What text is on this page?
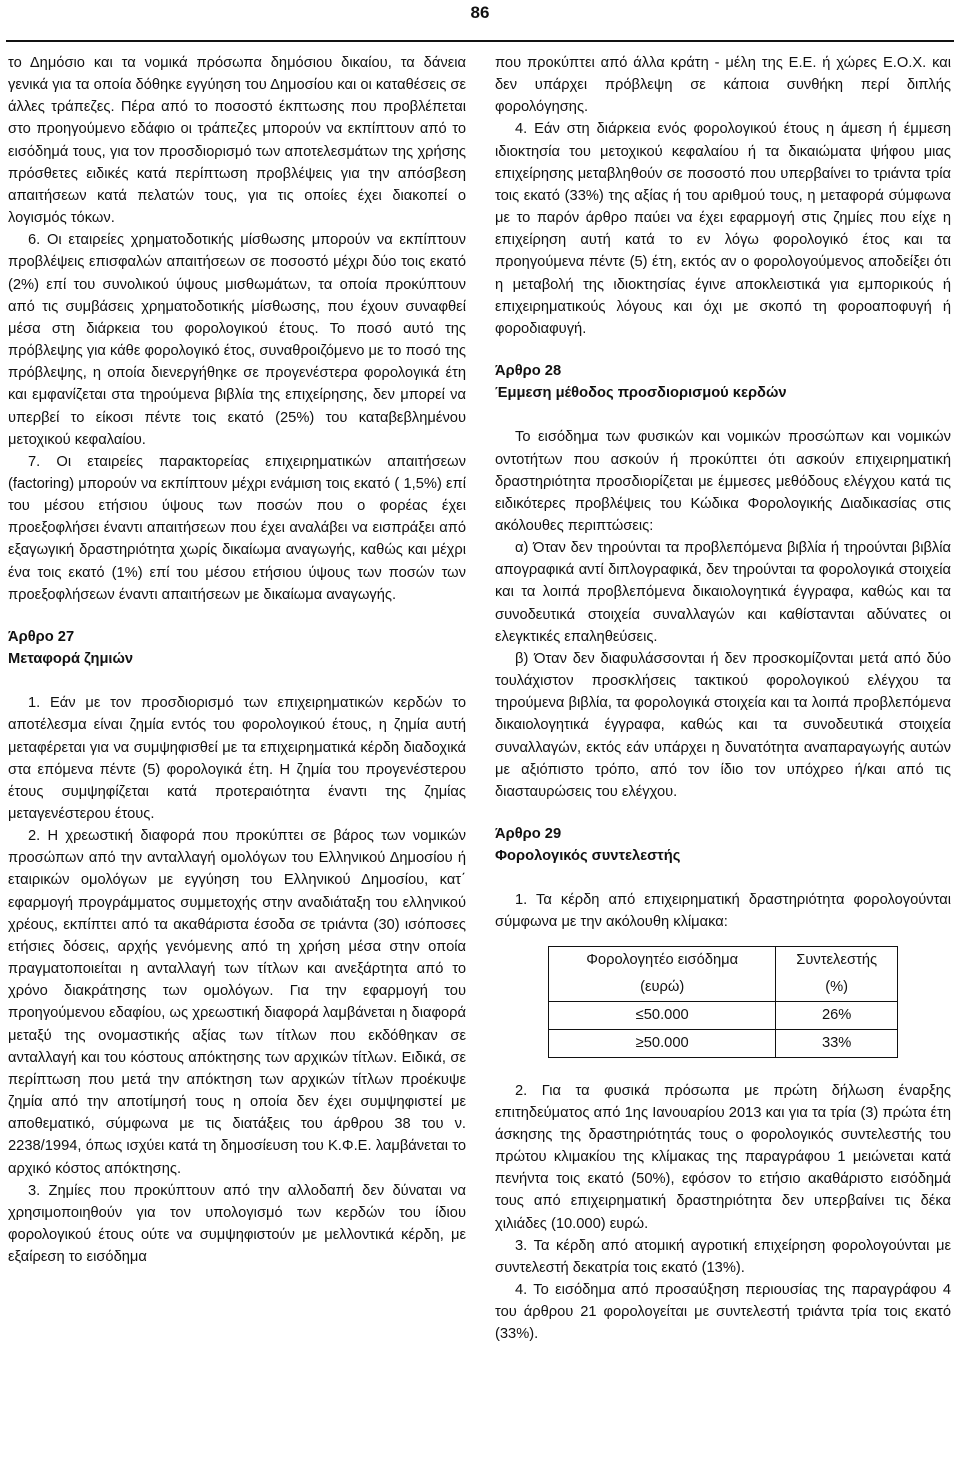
86

το Δημόσιο και τα νομικά πρόσωπα δημόσιου δικαίου, τα δάνεια γενικά για τα οποία δόθηκε εγγύηση του Δημοσίου και οι καταθέσεις σε άλλες τράπεζες. Πέρα από το ποσοστό έκπτωσης που προβλέπεται στο προηγούμενο εδάφιο οι τράπεζες μπορούν να εκπίπτουν από το εισόδημά τους, για τον προσδιορισμό των αποτελεσμάτων της χρήσης πρόσθετες ειδικές κατά περίπτωση προβλέψεις για την απόσβεση απαιτήσεων κατά πελατών τους, για τις οποίες έχει διακοπεί ο λογισμός τόκων.

6. Οι εταιρείες χρηματοδοτικής μίσθωσης μπορούν να εκπίπτουν προβλέψεις επισφαλών απαιτήσεων σε ποσοστό μέχρι δύο τοις εκατό (2%) επί του συνολικού ύψους μισθωμάτων, τα οποία προκύπτουν από τις συμβάσεις χρηματοδοτικής μίσθωσης, που έχουν συναφθεί μέσα στη διάρκεια του φορολογικού έτους. Το ποσό αυτό της πρόβλεψης για κάθε φορολογικό έτος, συναθροιζόμενο με το ποσό της πρόβλεψης, η οποία διενεργήθηκε σε προγενέστερα φορολογικά έτη και εμφανίζεται στα τηρούμενα βιβλία της επιχείρησης, δεν μπορεί να υπερβεί το είκοσι πέντε τοις εκατό (25%) του καταβεβλημένου μετοχικού κεφαλαίου.

7. Οι εταιρείες παρακτορείας επιχειρηματικών απαιτήσεων (factoring) μπορούν να εκπίπτουν μέχρι ενάμιση τοις εκατό ( 1,5%) επί του μέσου ετήσιου ύψους των ποσών που ο φορέας έχει προεξοφλήσει έναντι απαιτήσεων που έχει αναλάβει να εισπράξει από εξαγωγική δραστηριότητα χωρίς δικαίωμα αναγωγής, καθώς και μέχρι ένα τοις εκατό (1%) επί του μέσου ετήσιου ύψους των ποσών των προεξοφλήσεων έναντι απαιτήσεων με δικαίωμα αναγωγής.

Άρθρο 27

Μεταφορά ζημιών

1. Εάν με τον προσδιορισμό των επιχειρηματικών κερδών το αποτέλεσμα είναι ζημία εντός του φορολογικού έτους, η ζημία αυτή μεταφέρεται για να συμψηφισθεί με τα επιχειρηματικά κέρδη διαδοχικά στα επόμενα πέντε (5) φορολογικά έτη. Η ζημία του προγενέστερου έτους συμψηφίζεται κατά προτεραιότητα έναντι της ζημίας μεταγενέστερου έτους.

2. Η χρεωστική διαφορά που προκύπτει σε βάρος των νομικών προσώπων από την ανταλλαγή ομολόγων του Ελληνικού Δημοσίου ή εταιρικών ομολόγων με εγγύηση του Ελληνικού Δημοσίου, κατ΄ εφαρμογή προγράμματος συμμετοχής στην αναδιάταξη του ελληνικού χρέους, εκπίπτει από τα ακαθάριστα έσοδα σε τριάντα (30) ισόποσες ετήσιες δόσεις, αρχής γενόμενης από τη χρήση μέσα στην οποία πραγματοποιείται η ανταλλαγή των τίτλων και ανεξάρτητα από το χρόνο διακράτησης των ομολόγων. Για την εφαρμογή του προηγούμενου εδαφίου, ως χρεωστική διαφορά λαμβάνεται η διαφορά μεταξύ της ονομαστικής αξίας των τίτλων που εκδόθηκαν σε ανταλλαγή και του κόστους απόκτησης των αρχικών τίτλων. Ειδικά, σε περίπτωση που μετά την απόκτηση των αρχικών τίτλων προέκυψε ζημία από την αποτίμησή τους η οποία δεν έχει συμψηφιστεί με αποθεματικό, σύμφωνα με τις διατάξεις του άρθρου 38 του ν. 2238/1994, όπως ισχύει κατά τη δημοσίευση του Κ.Φ.Ε. λαμβάνεται το αρχικό κόστος απόκτησης.

3. Ζημίες που προκύπτουν από την αλλοδαπή δεν δύναται να χρησιμοποιηθούν για τον υπολογισμό των κερδών του ίδιου φορολογικού έτους ούτε να συμψηφιστούν με μελλοντικά κέρδη, με εξαίρεση το εισόδημα

που προκύπτει από άλλα κράτη - μέλη της Ε.Ε. ή χώρες Ε.Ο.Χ. και δεν υπάρχει πρόβλεψη σε κάποια συνθήκη περί διπλής φορολόγησης.

4. Εάν στη διάρκεια ενός φορολογικού έτους η άμεση ή έμμεση ιδιοκτησία του μετοχικού κεφαλαίου ή τα δικαιώματα ψήφου μιας επιχείρησης μεταβληθούν σε ποσοστό που υπερβαίνει το τριάντα τρία τοις εκατό (33%) της αξίας ή του αριθμού τους, η μεταφορά σύμφωνα με το παρόν άρθρο παύει να έχει εφαρμογή στις ζημίες που είχε η επιχείρηση αυτή κατά το εν λόγω φορολογικό έτος και τα προηγούμενα πέντε (5) έτη, εκτός αν ο φορολογούμενος αποδείξει ότι η μεταβολή της ιδιοκτησίας έγινε αποκλειστικά για εμπορικούς ή επιχειρηματικούς λόγους και όχι με σκοπό τη φοροαποφυγή ή φοροδιαφυγή.

Άρθρο 28

Έμμεση μέθοδος προσδιορισμού κερδών

Το εισόδημα των φυσικών και νομικών προσώπων και νομικών οντοτήτων που ασκούν ή προκύπτει ότι ασκούν επιχειρηματική δραστηριότητα προσδιορίζεται με έμμεσες μεθόδους ελέγχου κατά τις ειδικότερες προβλέψεις του Κώδικα Φορολογικής Διαδικασίας στις ακόλουθες περιπτώσεις:

α) Όταν δεν τηρούνται τα προβλεπόμενα βιβλία ή τηρούνται βιβλία απογραφικά αντί διπλογραφικά, δεν τηρούνται τα φορολογικά στοιχεία και τα λοιπά προβλεπόμενα δικαιολογητικά έγγραφα, καθώς και τα συνοδευτικά στοιχεία συναλλαγών και καθίστανται αδύνατες οι ελεγκτικές επαληθεύσεις.

β) Όταν δεν διαφυλάσσονται ή δεν προσκομίζονται μετά από δύο τουλάχιστον προσκλήσεις τακτικού φορολογικού ελέγχου τα τηρούμενα βιβλία, τα φορολογικά στοιχεία και τα λοιπά προβλεπόμενα δικαιολογητικά έγγραφα, καθώς και τα συνοδευτικά στοιχεία συναλλαγών, εκτός εάν υπάρχει η δυνατότητα αναπαραγωγής αυτών με αξιόπιστο τρόπο, από τον ίδιο τον υπόχρεο ή/και από τις διασταυρώσεις του ελέγχου.

Άρθρο 29

Φορολογικός συντελεστής

1. Τα κέρδη από επιχειρηματική δραστηριότητα φορολογούνται σύμφωνα με την ακόλουθη κλίμακα:

Φορολογητέο εισόδημα	Συντελεστής
(ευρώ)	(%)
≤50.000	26%
≥50.000	33%

2. Για τα φυσικά πρόσωπα με πρώτη δήλωση έναρξης επιτηδεύματος από 1ης Ιανουαρίου 2013 και για τα τρία (3) πρώτα έτη άσκησης της δραστηριότητάς τους ο φορολογικός συντελεστής του πρώτου κλιμακίου της κλίμακας της παραγράφου 1 μειώνεται κατά πενήντα τοις εκατό (50%), εφόσον το ετήσιο ακαθάριστο εισόδημά τους από επιχειρηματική δραστηριότητα δεν υπερβαίνει τις δέκα χιλιάδες (10.000) ευρώ.

3. Τα κέρδη από ατομική αγροτική επιχείρηση φορολογούνται με συντελεστή δεκατρία τοις εκατό (13%).

4. Το εισόδημα από προσαύξηση περιουσίας της παραγράφου 4 του άρθρου 21 φορολογείται με συντελεστή τριάντα τρία τοις εκατό (33%).
